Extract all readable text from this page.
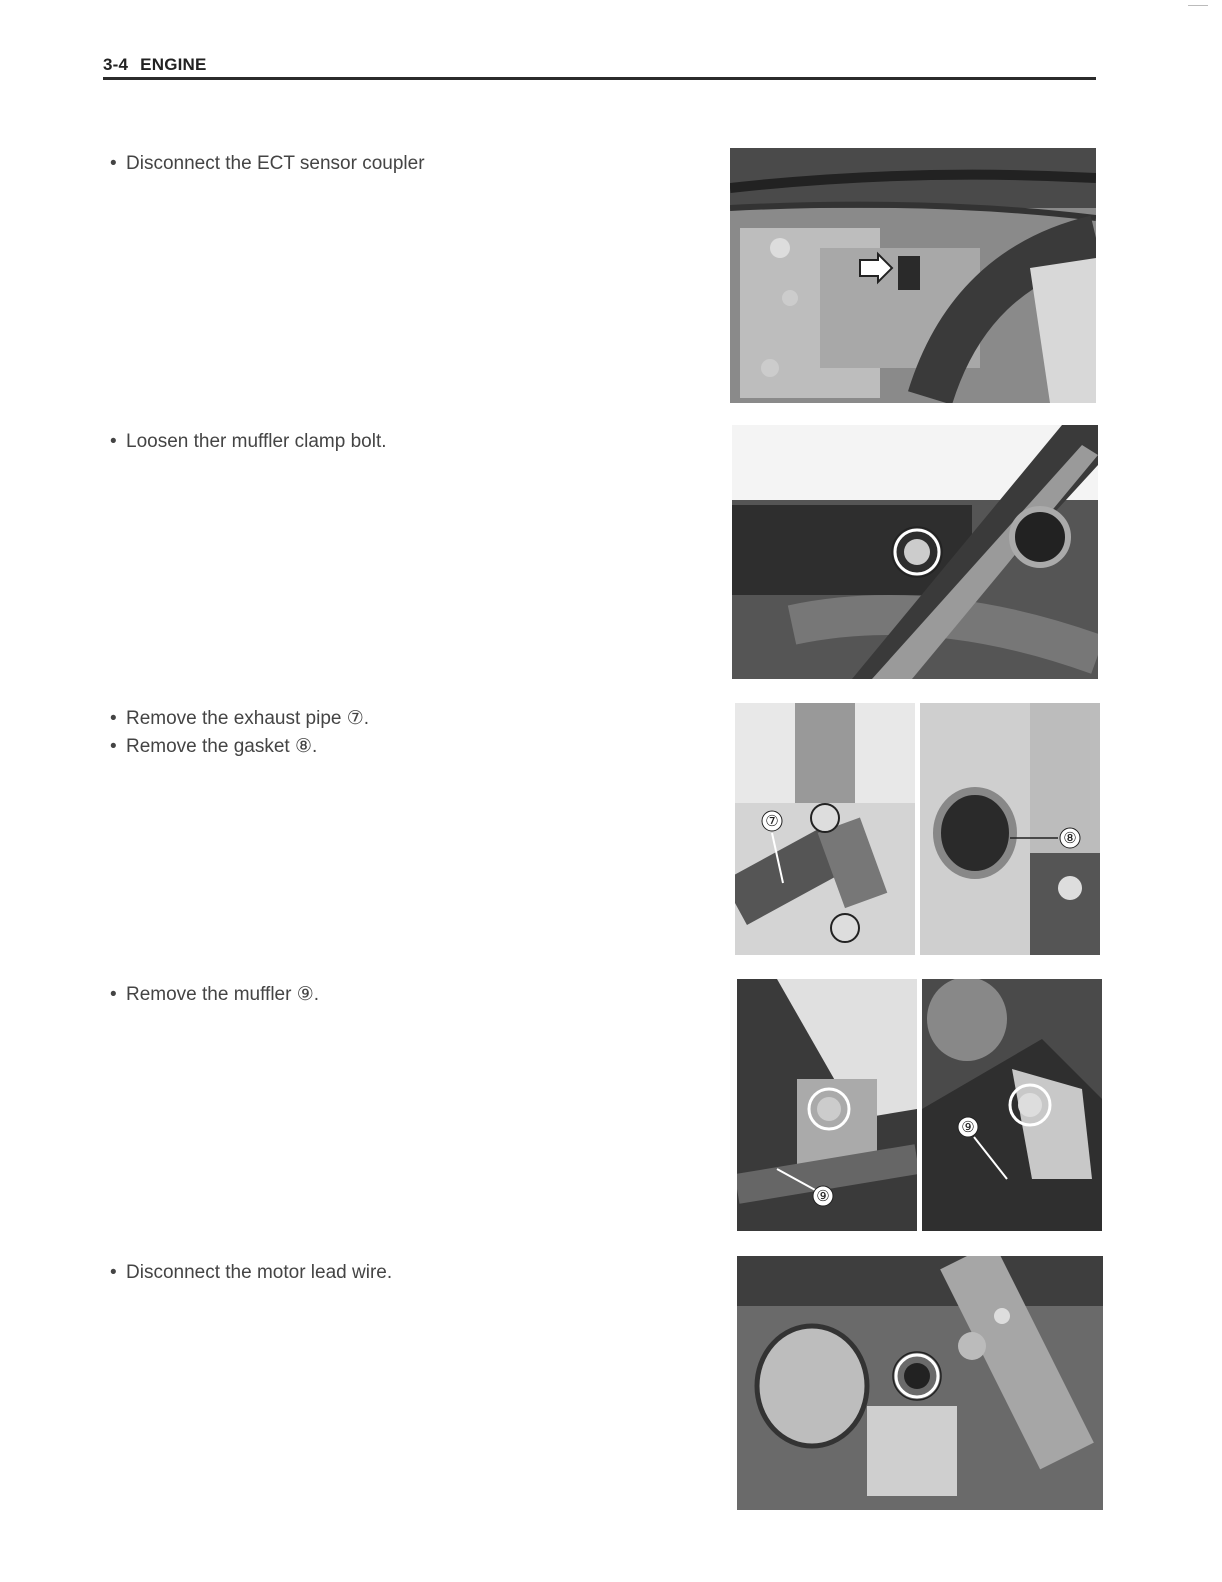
3-4 ENGINE
• Disconnect the ECT sensor coupler
• Loosen ther muffler clamp bolt.
• Remove the exhaust pipe ⑦.
• Remove the gasket ⑧.
• Remove the muffler ⑨.
• Disconnect the motor lead wire.
⑦
⑧
⑨
⑨
